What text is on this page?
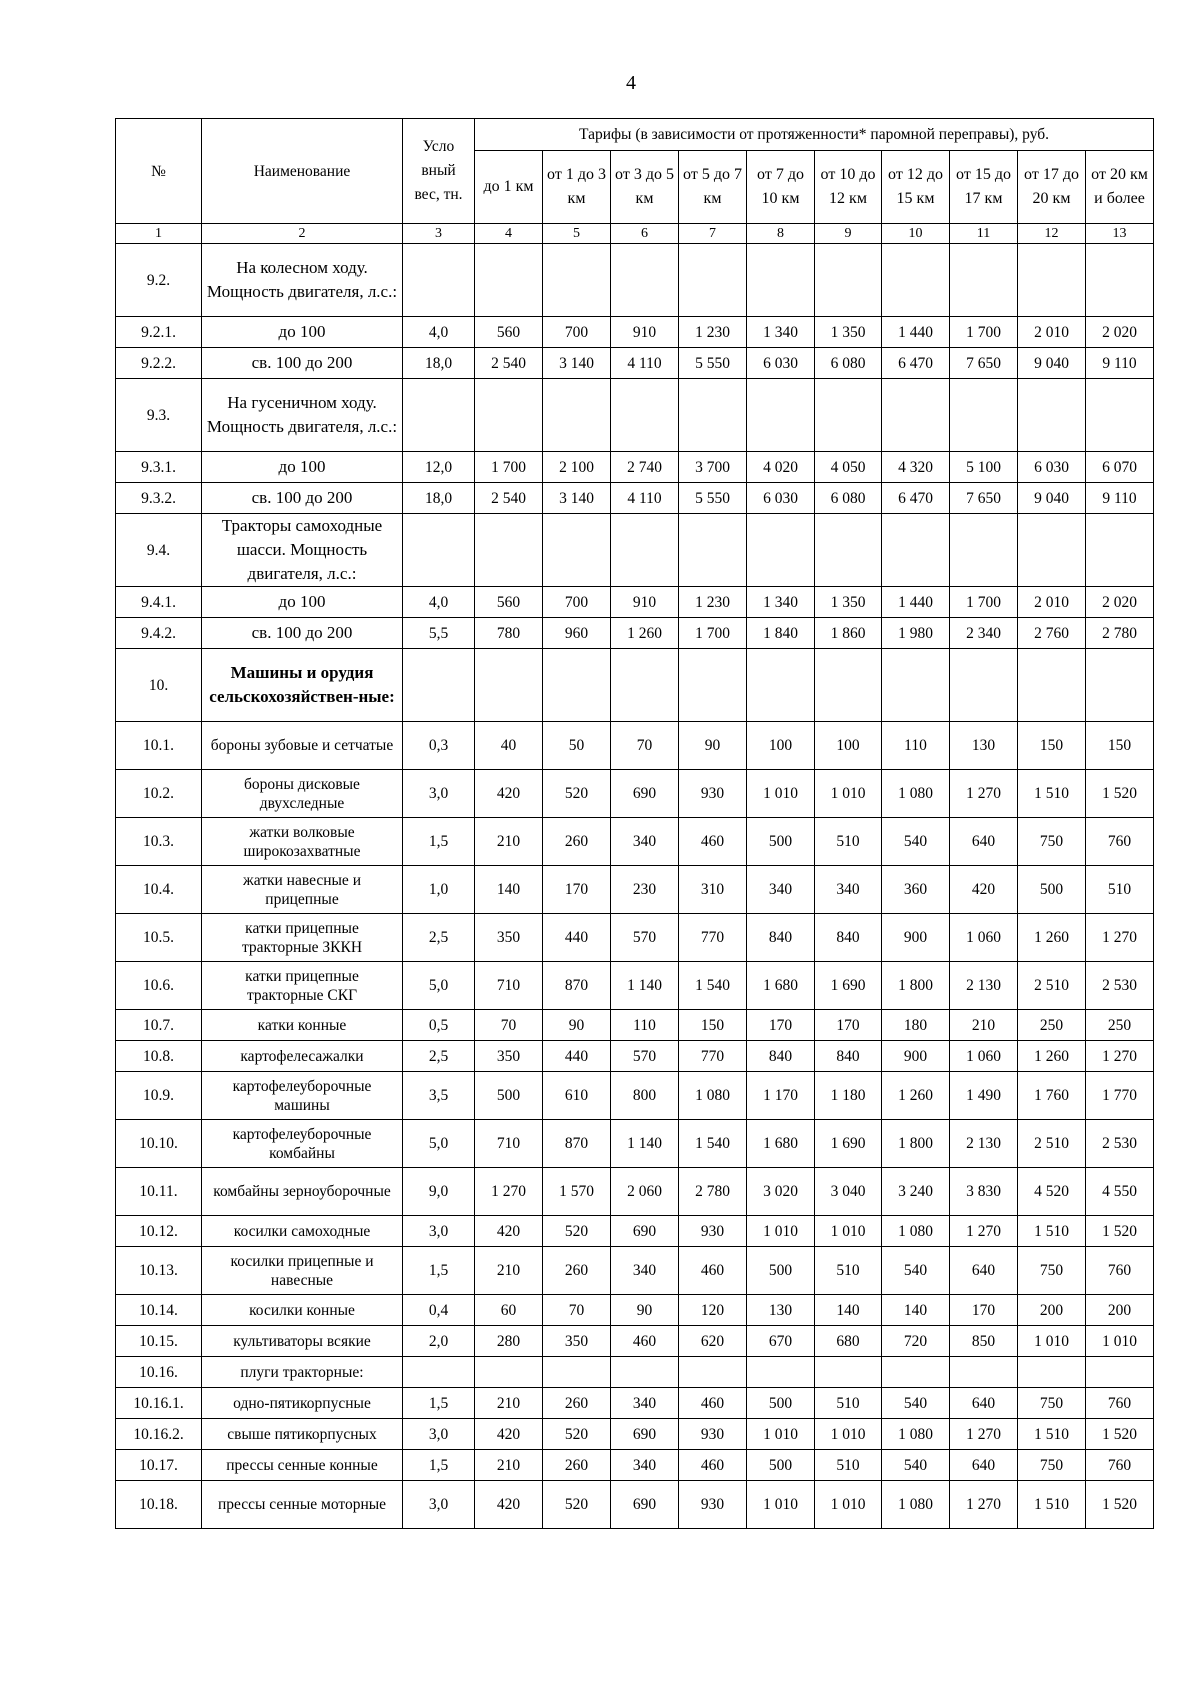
4
№	Наименование	Усло вный вес, тн.	Тарифы (в зависимости от протяженности* паромной переправы), руб.									
			до 1 км	от 1 до 3 км	от 3 до 5 км	от 5 до 7 км	от 7 до 10 км	от 10 до 12 км	от 12 до 15 км	от 15 до 17 км	от 17 до 20 км	от 20 км и более
1	2	3	4	5	6	7	8	9	10	11	12	13
9.2.	На колесном ходу. Мощность двигателя, л.с.:											
9.2.1.	до 100	4,0	560	700	910	1 230	1 340	1 350	1 440	1 700	2 010	2 020
9.2.2.	св. 100 до 200	18,0	2 540	3 140	4 110	5 550	6 030	6 080	6 470	7 650	9 040	9 110
9.3.	На гусеничном ходу. Мощность двигателя, л.с.:											
9.3.1.	до 100	12,0	1 700	2 100	2 740	3 700	4 020	4 050	4 320	5 100	6 030	6 070
9.3.2.	св. 100 до 200	18,0	2 540	3 140	4 110	5 550	6 030	6 080	6 470	7 650	9 040	9 110
9.4.	Тракторы самоходные шасси. Мощность двигателя, л.с.:											
9.4.1.	до 100	4,0	560	700	910	1 230	1 340	1 350	1 440	1 700	2 010	2 020
9.4.2.	св. 100 до 200	5,5	780	960	1 260	1 700	1 840	1 860	1 980	2 340	2 760	2 780
10.	Машины и орудия сельскохозяйствен-ные:											
10.1.	бороны зубовые и сетчатые	0,3	40	50	70	90	100	100	110	130	150	150
10.2.	бороны дисковые двухследные	3,0	420	520	690	930	1 010	1 010	1 080	1 270	1 510	1 520
10.3.	жатки волковые широкозахватные	1,5	210	260	340	460	500	510	540	640	750	760
10.4.	жатки навесные и прицепные	1,0	140	170	230	310	340	340	360	420	500	510
10.5.	катки прицепные тракторные ЗККН	2,5	350	440	570	770	840	840	900	1 060	1 260	1 270
10.6.	катки прицепные тракторные СКГ	5,0	710	870	1 140	1 540	1 680	1 690	1 800	2 130	2 510	2 530
10.7.	катки конные	0,5	70	90	110	150	170	170	180	210	250	250
10.8.	картофелесажалки	2,5	350	440	570	770	840	840	900	1 060	1 260	1 270
10.9.	картофелеуборочные машины	3,5	500	610	800	1 080	1 170	1 180	1 260	1 490	1 760	1 770
10.10.	картофелеуборочные комбайны	5,0	710	870	1 140	1 540	1 680	1 690	1 800	2 130	2 510	2 530
10.11.	комбайны зерноуборочные	9,0	1 270	1 570	2 060	2 780	3 020	3 040	3 240	3 830	4 520	4 550
10.12.	косилки самоходные	3,0	420	520	690	930	1 010	1 010	1 080	1 270	1 510	1 520
10.13.	косилки прицепные и навесные	1,5	210	260	340	460	500	510	540	640	750	760
10.14.	косилки конные	0,4	60	70	90	120	130	140	140	170	200	200
10.15.	культиваторы всякие	2,0	280	350	460	620	670	680	720	850	1 010	1 010
10.16.	плуги тракторные:											
10.16.1.	одно-пятикорпусные	1,5	210	260	340	460	500	510	540	640	750	760
10.16.2.	свыше пятикорпусных	3,0	420	520	690	930	1 010	1 010	1 080	1 270	1 510	1 520
10.17.	прессы сенные конные	1,5	210	260	340	460	500	510	540	640	750	760
10.18.	прессы сенные моторные	3,0	420	520	690	930	1 010	1 010	1 080	1 270	1 510	1 520
